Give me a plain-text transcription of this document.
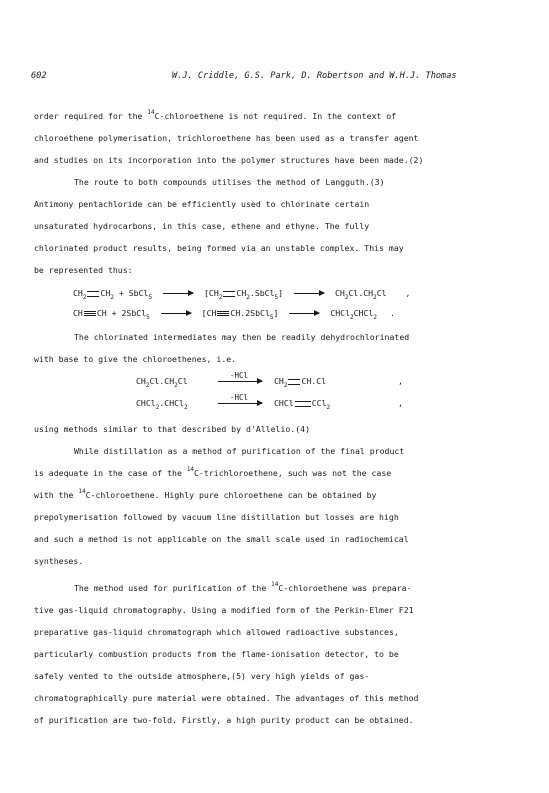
602	W.J. Criddle, G.S. Park, D. Robertson and W.H.J. Thomas
order required for the $^{14}$C-chloroethene is not required. In the context of
chloroethene polymerisation, trichloroethene has been used as a transfer agent
and studies on its incorporation into the polymer structures have been made.(2)
The route to both compounds utilises the method of Langguth.(3)
Antimony pentachloride can be efficiently used to chlorinate certain
unsaturated hydrocarbons, in this case, ethene and ethyne. The fully
chlorinated product results, being formed via an unstable complex. This may
be represented thus:
$CH_2$ $CH_2$ + SbCl$_5$ → [$CH_2$ $CH_2.SbCl_5] \to CH_2Cl.CH_2Cl$ ,
CH CH + 2SbCl$_5$ → [CH CH.2SbCl$_5$] → CHCl$_2$CHCl$_2$ .
The chlorinated intermediates may then be readily dehydrochlorinated
with base to give the chloroethenes, i.e.
$CH_2Cl.CH_2Cl$
-HCl
$CH_2$ CH.Cl	,
CHCl$_2$.CHCl$_2$
-HCl
CHCl CCl$_2$	,
using methods similar to that described by d'Allelio.(4)
While distillation as a method of purification of the final product
is adequate in the case of the $^{14}$C-trichloroethene, such was not the case
with the $^{14}$C-chloroethene. Highly pure chloroethene can be obtained by
prepolymerisation followed by vacuum line distillation but losses are high
and such a method is not applicable on the small scale used in radiochemical
syntheses.
The method used for purification of the $^{14}$C-chloroethene was prepara-
tive gas-liquid chromatography. Using a modified form of the Perkin-Elmer F21
preparative gas-liquid chromatograph which allowed radioactive substances,
particularly combustion products from the flame-ionisation detector, to be
safely vented to the outside atmosphere,(5) very high yields of gas-
chromatographically pure material were obtained. The advantages of this method
of purification are two-fold. Firstly, a high purity product can be obtained.
